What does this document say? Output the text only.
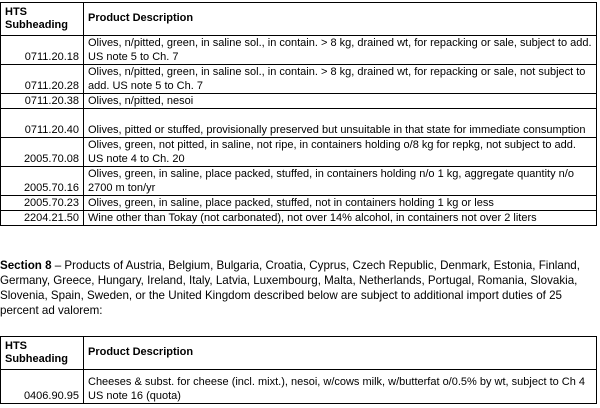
HTS Subheading	Product Description
0711.20.18	Olives, n/pitted, green, in saline sol., in contain. > 8 kg, drained wt, for repacking or sale, subject to add. US note 5 to Ch. 7
0711.20.28	Olives, n/pitted, green, in saline sol., in contain. > 8 kg, drained wt, for repacking or sale, not subject to add. US note 5 to Ch. 7
0711.20.38	Olives, n/pitted, nesoi
0711.20.40	Olives, pitted or stuffed, provisionally preserved but unsuitable in that state for immediate consumption
2005.70.08	Olives, green, not pitted, in saline, not ripe, in containers holding o/8 kg for repkg, not subject to add. US note 4 to Ch. 20
2005.70.16	Olives, green, in saline, place packed, stuffed, in containers holding n/o 1 kg, aggregate quantity n/o 2700 m ton/yr
2005.70.23	Olives, green, in saline, place packed, stuffed, not in containers holding 1 kg or less
2204.21.50	Wine other than Tokay (not carbonated), not over 14% alcohol, in containers not over 2 liters
Section 8 – Products of Austria, Belgium, Bulgaria, Croatia, Cyprus, Czech Republic, Denmark, Estonia, Finland, Germany, Greece, Hungary, Ireland, Italy, Latvia, Luxembourg, Malta, Netherlands, Portugal, Romania, Slovakia, Slovenia, Spain, Sweden, or the United Kingdom described below are subject to additional import duties of 25 percent ad valorem:
HTS Subheading	Product Description
0406.90.95	Cheeses & subst. for cheese (incl. mixt.), nesoi, w/cows milk, w/butterfat o/0.5% by wt, subject to Ch 4 US note 16 (quota)
